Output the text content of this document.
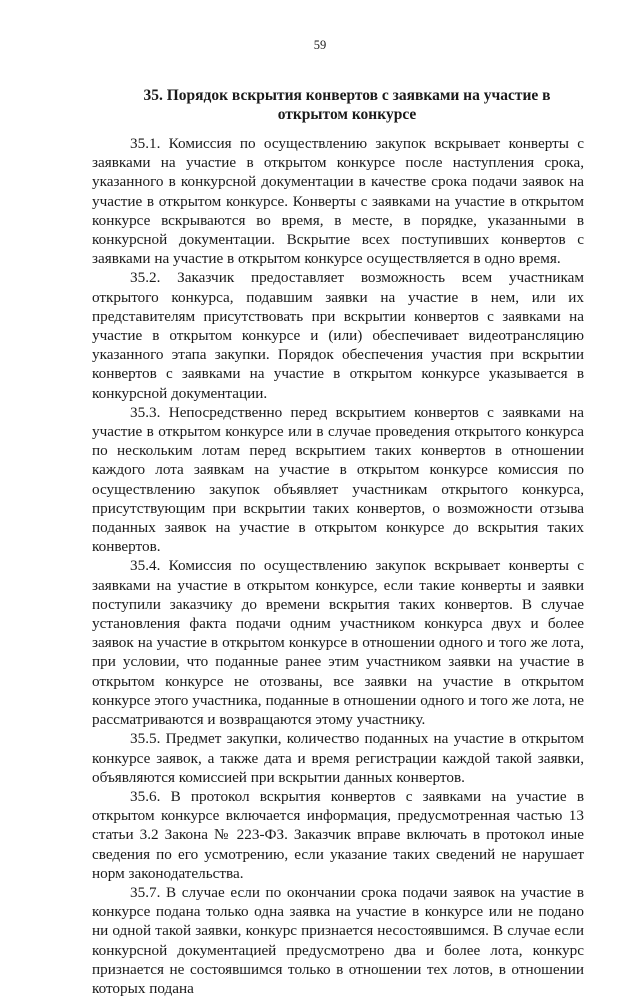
59
35. Порядок вскрытия конвертов с заявками на участие в открытом конкурсе

35.1. Комиссия по осуществлению закупок вскрывает конверты с заявками на участие в открытом конкурсе после наступления срока, указанного в конкурсной документации в качестве срока подачи заявок на участие в открытом конкурсе. Конверты с заявками на участие в открытом конкурсе вскрываются во время, в месте, в порядке, указанными в конкурсной документации. Вскрытие всех поступивших конвертов с заявками на участие в открытом конкурсе осуществляется в одно время.

35.2. Заказчик предоставляет возможность всем участникам открытого конкурса, подавшим заявки на участие в нем, или их представителям присутствовать при вскрытии конвертов с заявками на участие в открытом конкурсе и (или) обеспечивает видеотрансляцию указанного этапа закупки. Порядок обеспечения участия при вскрытии конвертов с заявками на участие в открытом конкурсе указывается в конкурсной документации.

35.3. Непосредственно перед вскрытием конвертов с заявками на участие в открытом конкурсе или в случае проведения открытого конкурса по нескольким лотам перед вскрытием таких конвертов в отношении каждого лота заявкам на участие в открытом конкурсе комиссия по осуществлению закупок объявляет участникам открытого конкурса, присутствующим при вскрытии таких конвертов, о возможности отзыва поданных заявок на участие в открытом конкурсе до вскрытия таких конвертов.

35.4. Комиссия по осуществлению закупок вскрывает конверты с заявками на участие в открытом конкурсе, если такие конверты и заявки поступили заказчику до времени вскрытия таких конвертов. В случае установления факта подачи одним участником конкурса двух и более заявок на участие в открытом конкурсе в отношении одного и того же лота, при условии, что поданные ранее этим участником заявки на участие в открытом конкурсе не отозваны, все заявки на участие в открытом конкурсе этого участника, поданные в отношении одного и того же лота, не рассматриваются и возвращаются этому участнику.

35.5. Предмет закупки, количество поданных на участие в открытом конкурсе заявок, а также дата и время регистрации каждой такой заявки, объявляются комиссией при вскрытии данных конвертов.

35.6. В протокол вскрытия конвертов с заявками на участие в открытом конкурсе включается информация, предусмотренная частью 13 статьи 3.2 Закона № 223-ФЗ. Заказчик вправе включать в протокол иные сведения по его усмотрению, если указание таких сведений не нарушает норм законодательства.

35.7. В случае если по окончании срока подачи заявок на участие в конкурсе подана только одна заявка на участие в конкурсе или не подано ни одной такой заявки, конкурс признается несостоявшимся. В случае если конкурсной документацией предусмотрено два и более лота, конкурс признается не состоявшимся только в отношении тех лотов, в отношении которых подана
